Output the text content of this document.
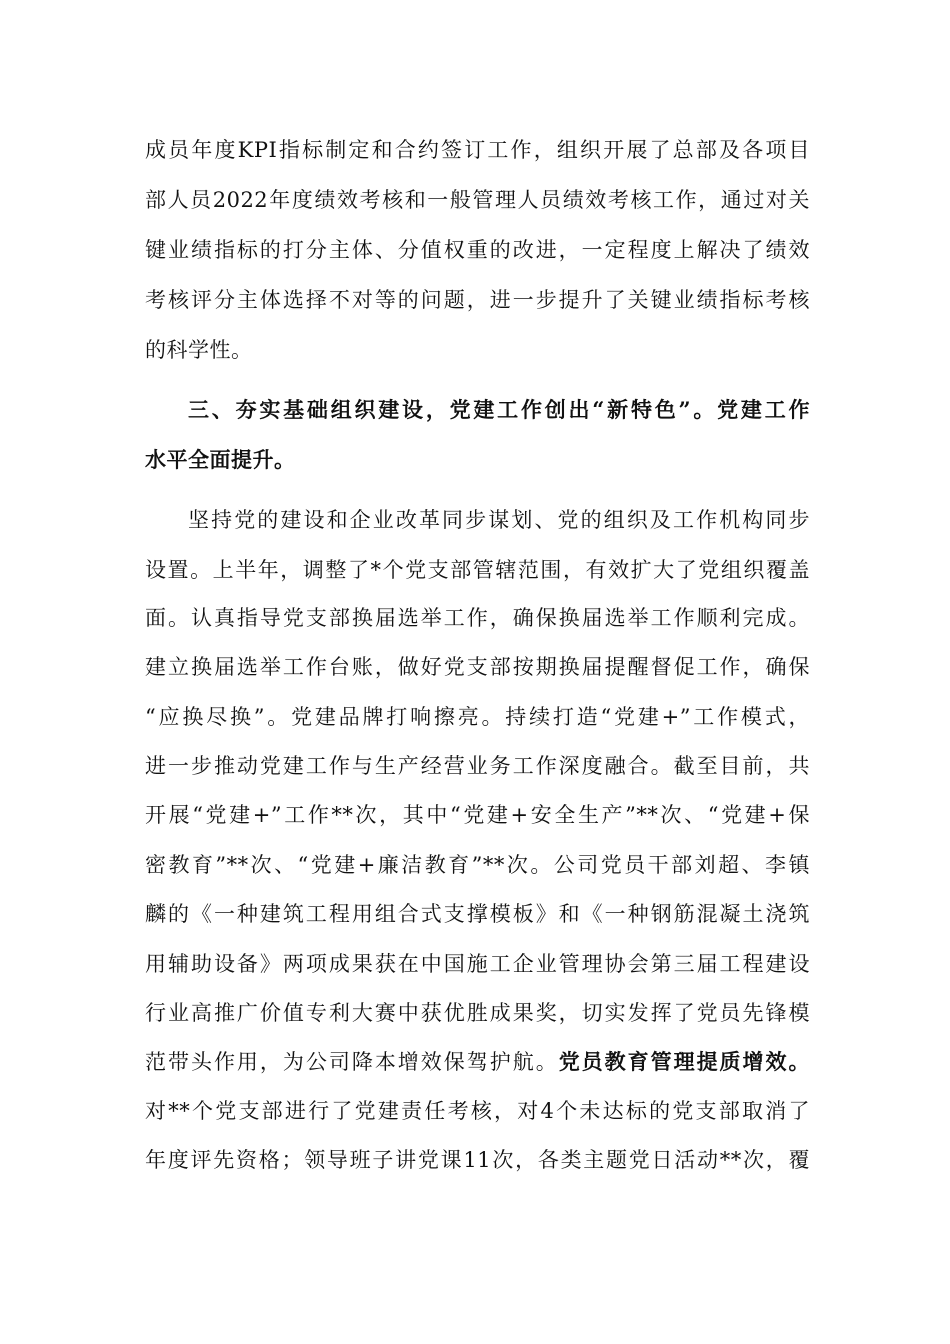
成员年度KPI指标制定和合约签订工作，组织开展了总部及各项目
部人员2022年度绩效考核和一般管理人员绩效考核工作，通过对关
键业绩指标的打分主体、分值权重的改进，一定程度上解决了绩效
考核评分主体选择不对等的问题，进一步提升了关键业绩指标考核
的科学性。
三、夯实基础组织建设，党建工作创出“新特色”。党建工作
水平全面提升。
坚持党的建设和企业改革同步谋划、党的组织及工作机构同步
设置。上半年，调整了*个党支部管辖范围，有效扩大了党组织覆盖
面。认真指导党支部换届选举工作，确保换届选举工作顺利完成。
建立换届选举工作台账，做好党支部按期换届提醒督促工作，确保
“应换尽换”。党建品牌打响擦亮。持续打造“党建+”工作模式，
进一步推动党建工作与生产经营业务工作深度融合。截至目前，共
开展“党建+”工作**次，其中“党建+安全生产”**次、“党建+保
密教育”**次、“党建+廉洁教育”**次。公司党员干部刘超、李镇
麟的《一种建筑工程用组合式支撑模板》和《一种钢筋混凝土浇筑
用辅助设备》两项成果获在中国施工企业管理协会第三届工程建设
行业高推广价值专利大赛中获优胜成果奖，切实发挥了党员先锋模
范带头作用，为公司降本增效保驾护航。党员教育管理提质增效。
对**个党支部进行了党建责任考核，对4个未达标的党支部取消了
年度评先资格；领导班子讲党课11次，各类主题党日活动**次，覆
